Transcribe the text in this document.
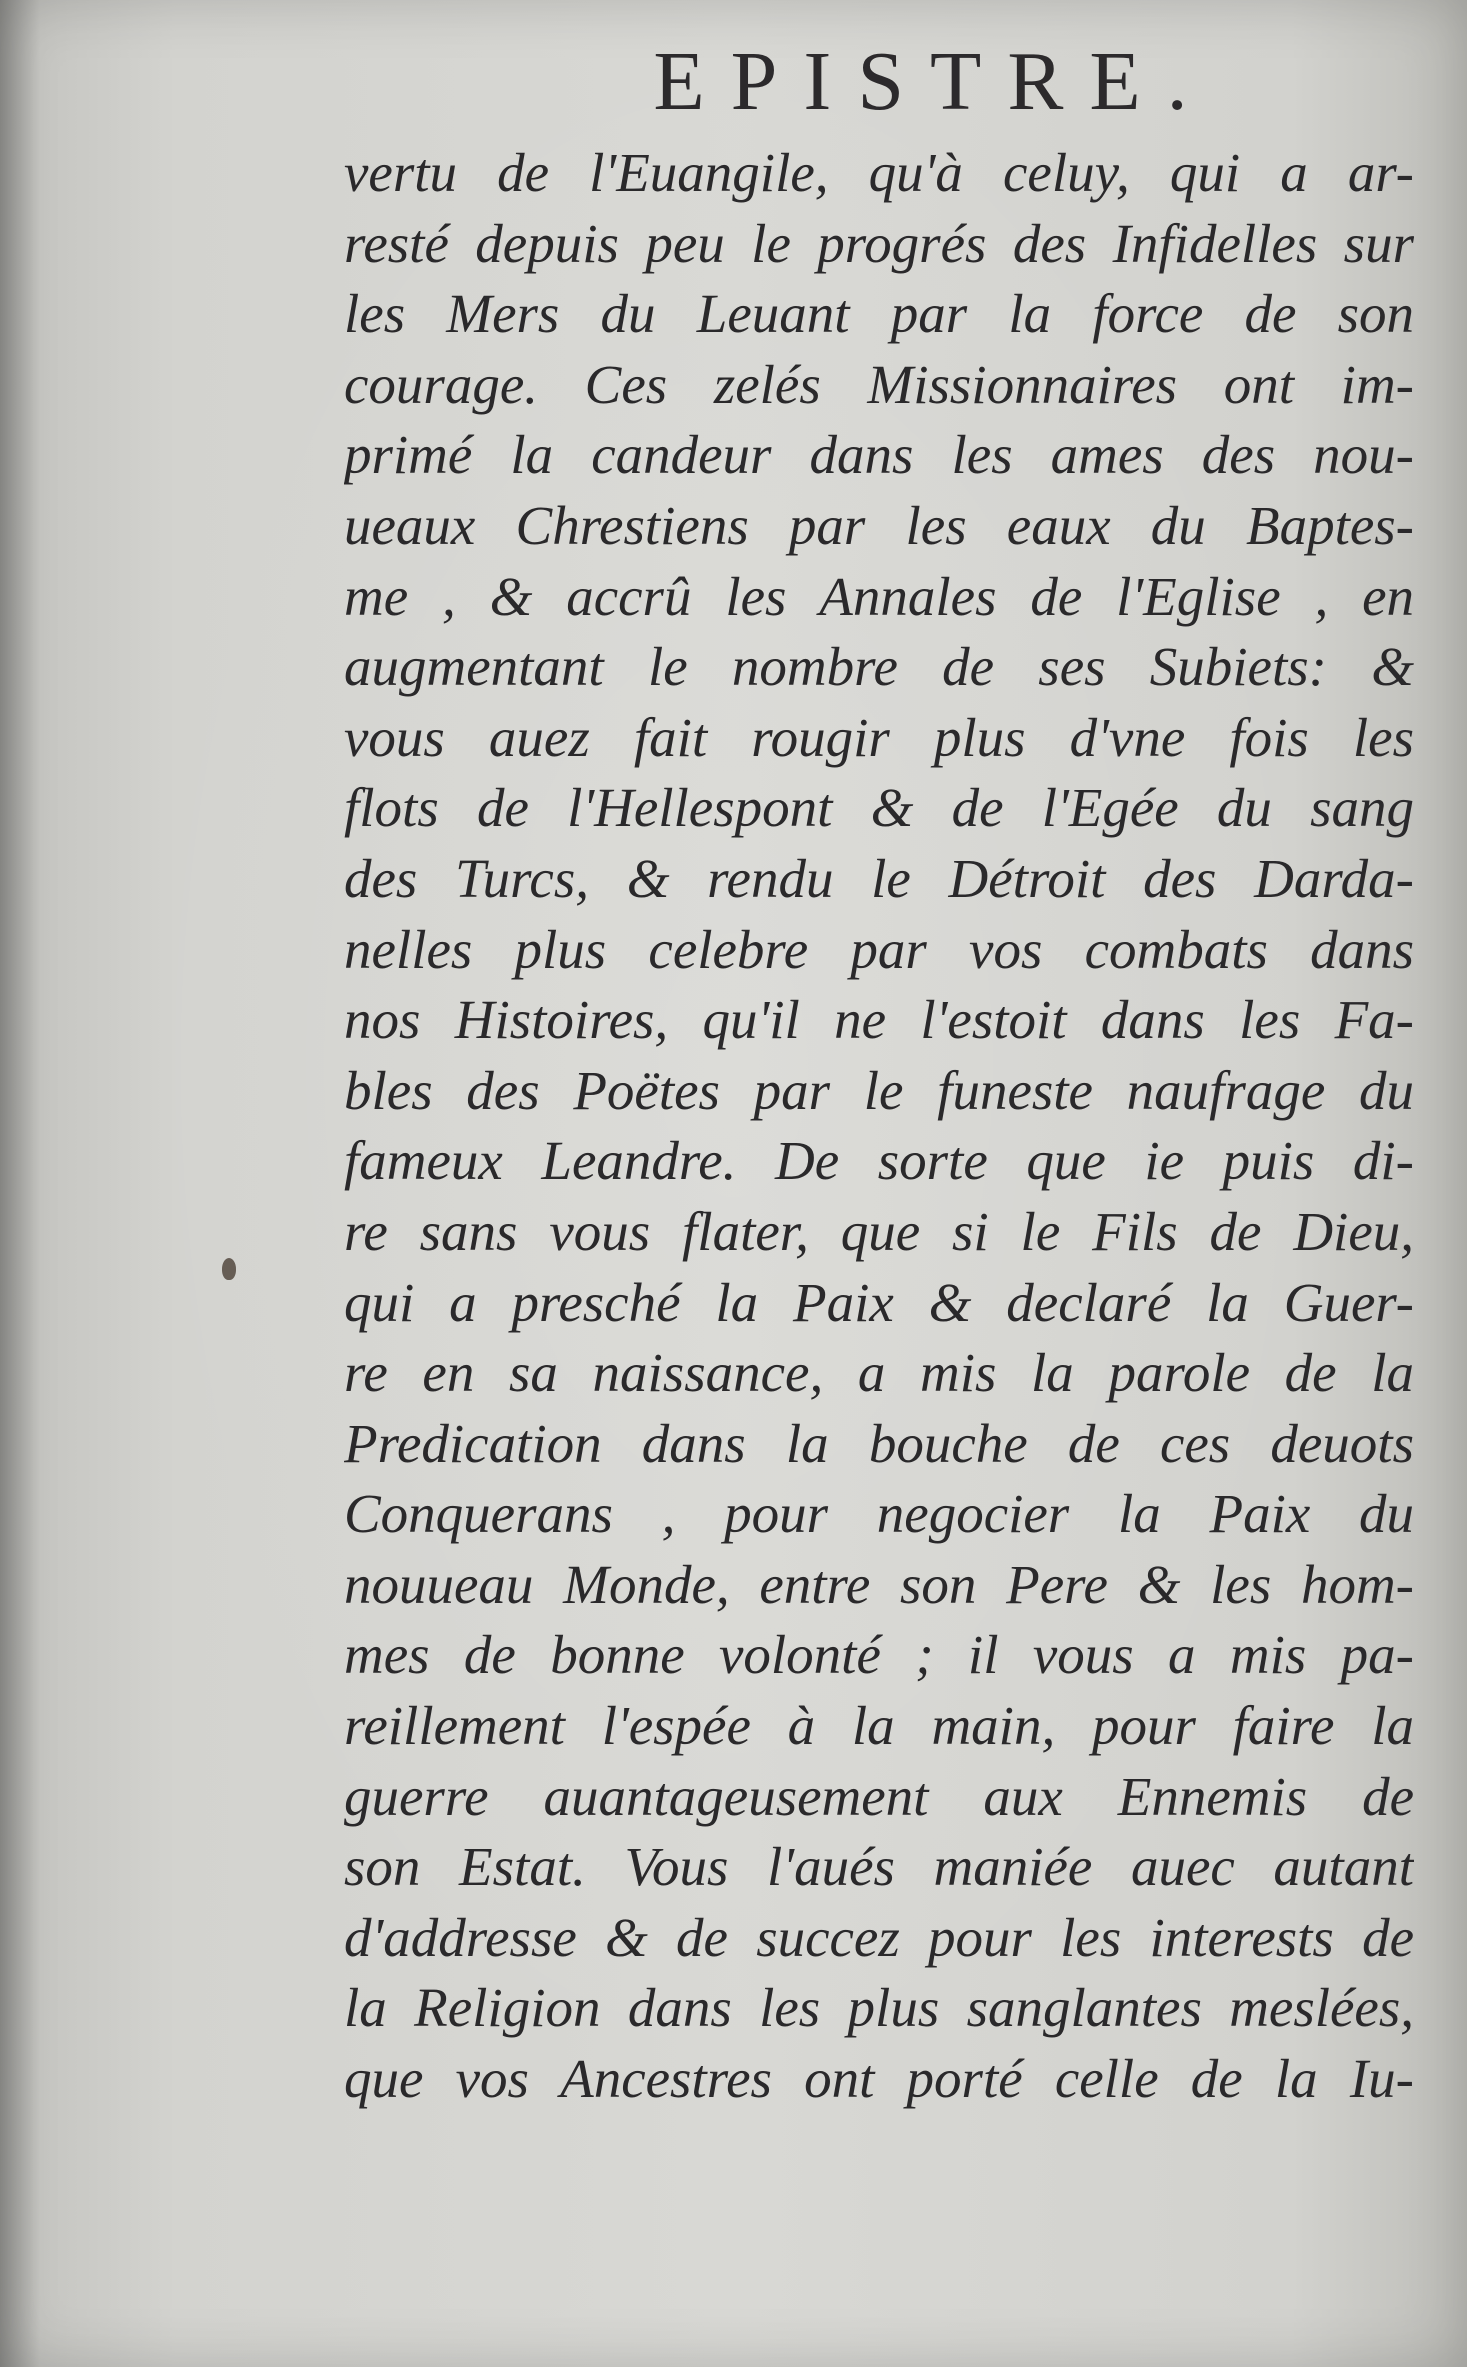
EPISTRE.
vertu de l'Euangile, qu'à celuy, qui a ar-
resté depuis peu le progrés des Infidelles sur
les Mers du Leuant par la force de son
courage. Ces zelés Missionnaires ont im-
primé la candeur dans les ames des nou-
ueaux Chrestiens par les eaux du Baptes-
me , & accrû les Annales de l'Eglise , en
augmentant le nombre de ses Subiets: &
vous auez fait rougir plus d'vne fois les
flots de l'Hellespont & de l'Egée du sang
des Turcs, & rendu le Détroit des Darda-
nelles plus celebre par vos combats dans
nos Histoires, qu'il ne l'estoit dans les Fa-
bles des Poëtes par le funeste naufrage du
fameux Leandre. De sorte que ie puis di-
re sans vous flater, que si le Fils de Dieu,
qui a presché la Paix & declaré la Guer-
re en sa naissance, a mis la parole de la
Predication dans la bouche de ces deuots
Conquerans , pour negocier la Paix du
nouueau Monde, entre son Pere & les hom-
mes de bonne volonté ; il vous a mis pa-
reillement l'espée à la main, pour faire la
guerre auantageusement aux Ennemis de
son Estat. Vous l'aués maniée auec autant
d'addresse & de succez pour les interests de
la Religion dans les plus sanglantes meslées,
que vos Ancestres ont porté celle de la Iu-
